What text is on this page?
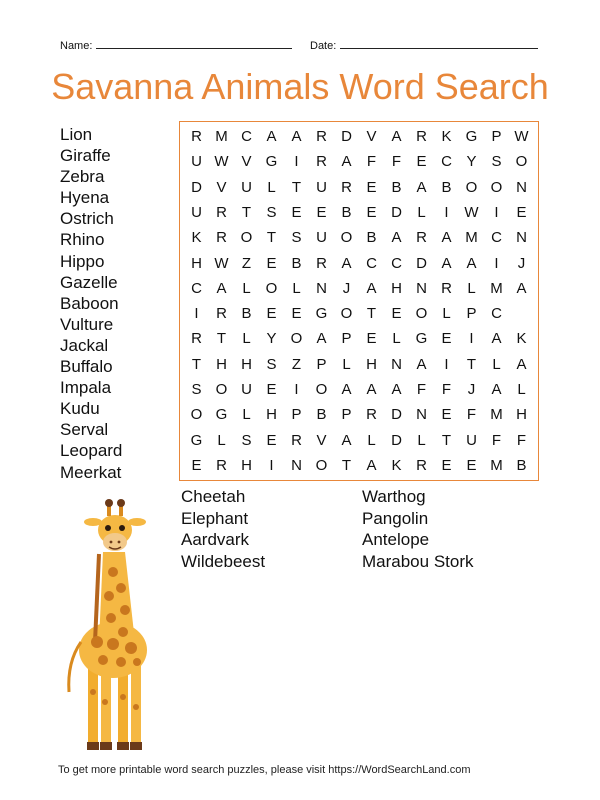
Name:	Date:
Savanna Animals Word Search
Lion
Giraffe
Zebra
Hyena
Ostrich
Rhino
Hippo
Gazelle
Baboon
Vulture
Jackal
Buffalo
Impala
Kudu
Serval
Leopard
Meerkat
R M C A A R D V A R K G P W
U W V G	I	R A	F	F	E C Y S O
D V U	L	T	U R E B A B O O N
U R T	S E E B E D	L	I	W	I	E
K R O T	S U O B A R A M C N
H W Z	E B R A C C D A A	I	J
C A	L O	L	N	J	A H N R	L M A
I	R B E E G O T	E O	L	P C
R T	L	Y O A P E	L G E	I	A K
T	H H S	Z	P	L	H N A	I	T	L	A
S O U E	I	O A A A	F	F	J	A	L
O G	L	H P B P R D N E	F M H
G	L	S E R V A	L	D	L	T	U F	F
E R H	I	N O T	A K R E E M B
Cheetah
Elephant
Aardvark
Wildebeest
Warthog
Pangolin
Antelope
Marabou Stork
To get more printable word search puzzles, please visit https://WordSearchLand.com
